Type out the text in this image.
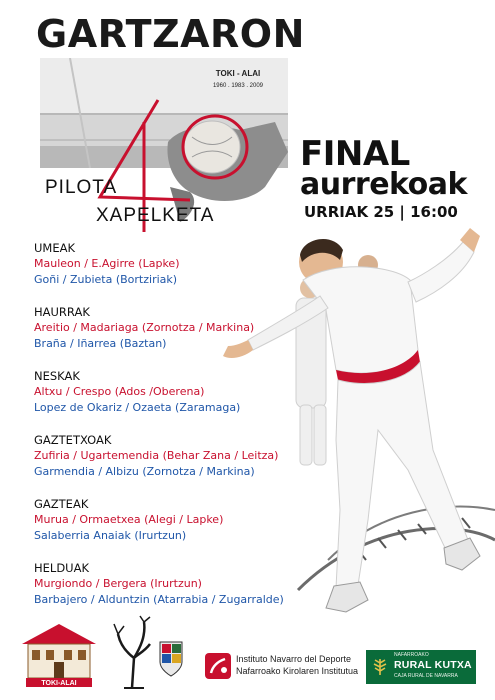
GARTZARON
TOKI - ALAI
1960 . 1983 . 2009
PILOTA
XAPELKETA
FINAL
aurrekoak
URRIAK 25 | 16:00
UMEAK
Mauleon / E.Agirre (Lapke)
Goñi / Zubieta (Bortziriak)
HAURRAK
Areitio / Madariaga (Zornotza / Markina)
Braña / Iñarrea (Baztan)
NESKAK
Altxu / Crespo (Ados /Oberena)
Lopez de Okariz / Ozaeta (Zaramaga)
GAZTETXOAK
Zufiria / Ugartemendia (Behar Zana / Leitza)
Garmendia / Albizu (Zornotza / Markina)
GAZTEAK
Murua / Ormaetxea (Alegi / Lapke)
Salaberria Anaiak (Irurtzun)
HELDUAK
Murgiondo / Bergera (Irurtzun)
Barbajero / Alduntzin (Atarrabia / Zugarralde)
TOKI-ALAI
Instituto Navarro del Deporte
Nafarroako Kirolaren Institutua
NAFARROAKO
RURAL KUTXA
CAJA RURAL DE NAVARRA
